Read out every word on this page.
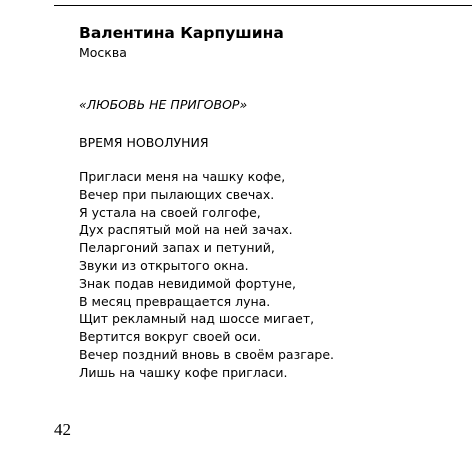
Валентина Карпушина
Москва
«ЛЮБОВЬ НЕ ПРИГОВОР»
ВРЕМЯ НОВОЛУНИЯ
Пригласи меня на чашку кофе,
Вечер при пылающих свечах.
Я устала на своей голгофе,
Дух распятый мой на ней зачах.
Пеларгоний запах и петуний,
Звуки из открытого окна.
Знак подав невидимой фортуне,
В месяц превращается луна.
Щит рекламный над шоссе мигает,
Вертится вокруг своей оси.
Вечер поздний вновь в своём разгаре.
Лишь на чашку кофе пригласи.
42
